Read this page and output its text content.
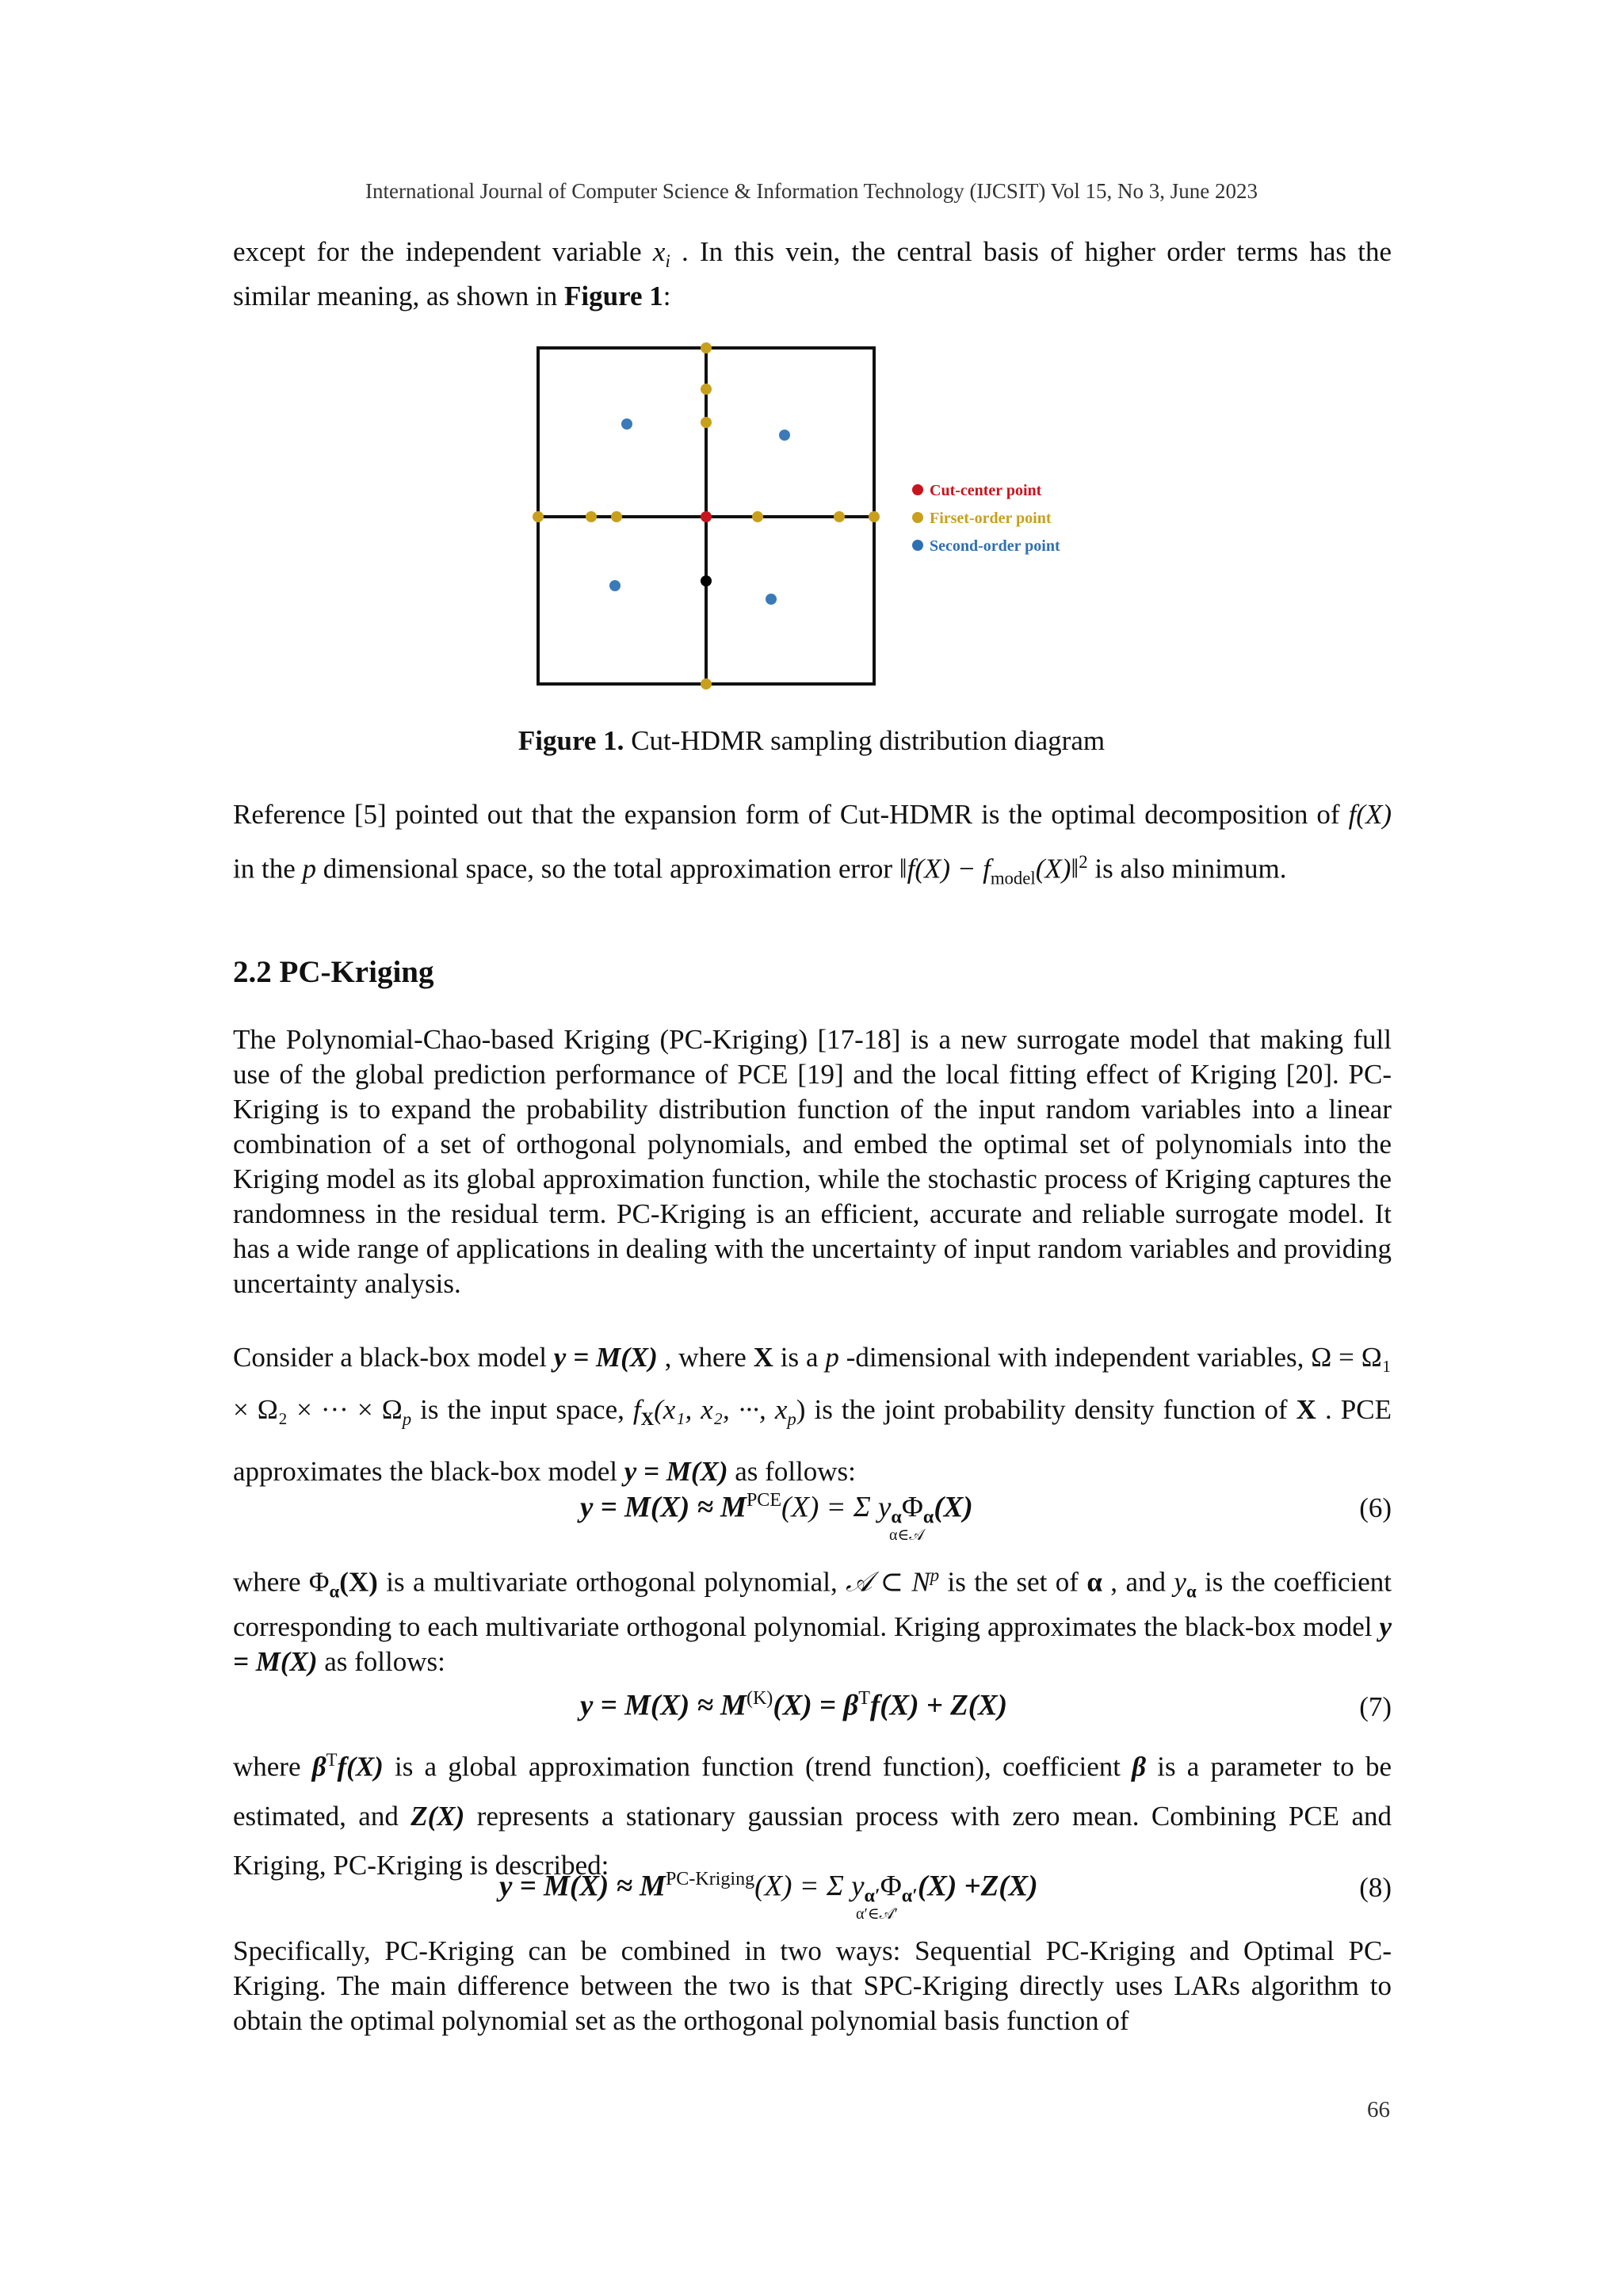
International Journal of Computer Science & Information Technology (IJCSIT) Vol 15, No 3, June 2023

except for the independent variable $x_i$ . In this vein, the central basis of higher order terms has the similar meaning, as shown in Figure 1:

Cut-center point
Firset-order point
Second-order point
Figure 1. Cut-HDMR sampling distribution diagram

Reference [5] pointed out that the expansion form of Cut-HDMR is the optimal decomposition of f(X) in the p dimensional space, so the total approximation error ‖f(X) − $f_{model}(X)‖^2$ is also minimum.

2.2 PC-Kriging

The Polynomial-Chao-based Kriging (PC-Kriging) [17-18] is a new surrogate model that making full use of the global prediction performance of PCE [19] and the local fitting effect of Kriging [20]. PC-Kriging is to expand the probability distribution function of the input random variables into a linear combination of a set of orthogonal polynomials, and embed the optimal set of polynomials into the Kriging model as its global approximation function, while the stochastic process of Kriging captures the randomness in the residual term. PC-Kriging is an efficient, accurate and reliable surrogate model. It has a wide range of applications in dealing with the uncertainty of input random variables and providing uncertainty analysis.

Consider a black-box model y = M(X) , where X is a p -dimensional with independent variables, Ω = Ω₁ × Ω₂ × ··· × $\Omega_p$ is the input space, $f_X(x_1$, x₂, ···, $x_p$) is the joint probability density function of X . PCE approximates the black-box model y = M(X) as follows:

$y = M(X) \approx M^{PCE}(X) = \Sigma$ $y_\alpha\Phi_\alpha(X)$
α∈𝒜
(6)

where $\Phi_\alpha(X)$ is a multivariate orthogonal polynomial, 𝒜 ⊂ $N^p$ is the set of α , and $y_\alpha$ is the coefficient corresponding to each multivariate orthogonal polynomial. Kriging approximates the black-box model y = M(X) as follows:

$y = M(X) \approx M^{(K)}(X) = \beta^Tf(X) + Z(X)$	(7)

where $\beta^Tf(X)$ is a global approximation function (trend function), coefficient β is a parameter to be estimated, and Z(X) represents a stationary gaussian process with zero mean. Combining PCE and Kriging, PC-Kriging is described:

$y = M(X) \approx M^{PC-Kriging}(X) = \Sigma$ $y_{\alpha'}\Phi_{\alpha'}(X) +Z(X)$
α′∈𝒜′
(8)

Specifically, PC-Kriging can be combined in two ways: Sequential PC-Kriging and Optimal PC-Kriging. The main difference between the two is that SPC-Kriging directly uses LARs algorithm to obtain the optimal polynomial set as the orthogonal polynomial basis function of

66
